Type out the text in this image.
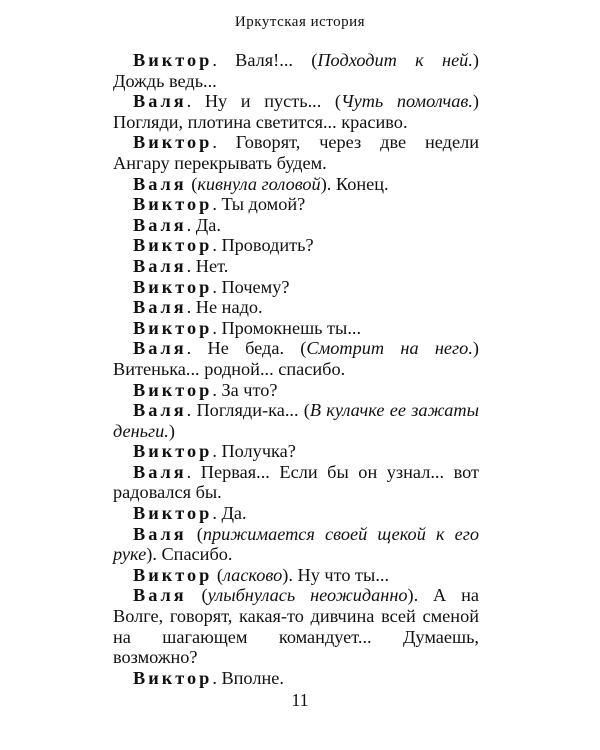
Иркутская история

Виктор. Валя!... (Подходит к ней.) Дождь ведь...

Валя. Ну и пусть... (Чуть помолчав.) Погляди, плотина светится... красиво.

Виктор. Говорят, через две недели Ангару перекрывать будем.

Валя (кивнула головой). Конец.

Виктор. Ты домой?

Валя. Да.

Виктор. Проводить?

Валя. Нет.

Виктор. Почему?

Валя. Не надо.

Виктор. Промокнешь ты...

Валя. Не беда. (Смотрит на него.) Витенька... родной... спасибо.

Виктор. За что?

Валя. Погляди-ка... (В кулачке ее зажаты деньги.)

Виктор. Получка?

Валя. Первая... Если бы он узнал... вот радовался бы.

Виктор. Да.

Валя (прижимается своей щекой к его руке). Спасибо.

Виктор (ласково). Ну что ты...

Валя (улыбнулась неожиданно). А на Волге, говорят, какая-то дивчина всей сменой на шагающем командует... Думаешь, возможно?

Виктор. Вполне.

11
